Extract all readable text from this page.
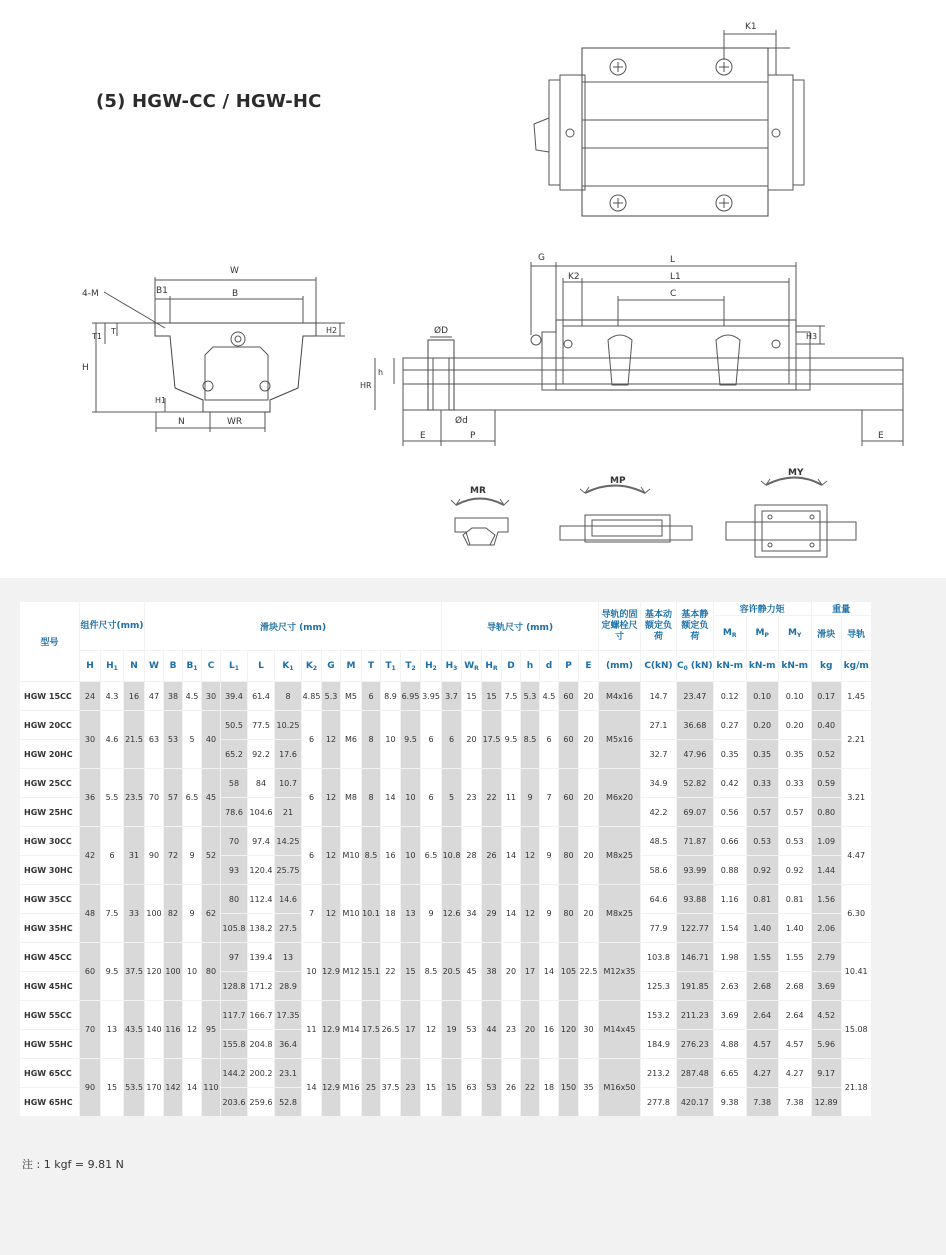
K1
W
B1	B
4-M
H
T1
T
H1
N	WR
H2	ØD
Ød
h
HR
E	P	E
G	L
K2	L1
C
H3
MR
MP
MY
(5) HGW-CC / HGW-HC
型号	组件尺寸(mm)			滑块尺寸 (mm)														导轨尺寸 (mm)								导轨的固定螺栓尺寸	基本动额定负荷	基本静额定负荷	容许静力矩			重量	
																													$M_R$	$M_P$	$M_Y$	滑块	导轨
	H	$H_1$	N	W	B	$B_1$	C	$L_1$	L	$K_1$	$K_2$	G	M	T	$T_1$	$T_2$	$H_2$	$H_3$	$W_R$	$H_R$	D	h	d	P	E	(mm)	C(kN)	$C_0$ (kN)	kN-m	kN-m	kN-m	kg	kg/m
HGW 15CC	24	4.3	16	47	38	4.5	30	39.4	61.4	8	4.85	5.3	M5	6	8.9	6.95	3.95	3.7	15	15	7.5	5.3	4.5	60	20	M4x16	14.7	23.47	0.12	0.10	0.10	0.17	1.45
HGW 20CC	30	4.6	21.5	63	53	5	40	50.5	77.5	10.25	6	12	M6	8	10	9.5	6	6	20	17.5	9.5	8.5	6	60	20	M5x16	27.1	36.68	0.27	0.20	0.20	0.40	2.21
HGW 20HC								65.2	92.2	17.6																	32.7	47.96	0.35	0.35	0.35	0.52	
HGW 25CC	36	5.5	23.5	70	57	6.5	45	58	84	10.7	6	12	M8	8	14	10	6	5	23	22	11	9	7	60	20	M6x20	34.9	52.82	0.42	0.33	0.33	0.59	3.21
HGW 25HC								78.6	104.6	21																	42.2	69.07	0.56	0.57	0.57	0.80	
HGW 30CC	42	6	31	90	72	9	52	70	97.4	14.25	6	12	M10	8.5	16	10	6.5	10.8	28	26	14	12	9	80	20	M8x25	48.5	71.87	0.66	0.53	0.53	1.09	4.47
HGW 30HC								93	120.4	25.75																	58.6	93.99	0.88	0.92	0.92	1.44	
HGW 35CC	48	7.5	33	100	82	9	62	80	112.4	14.6	7	12	M10	10.1	18	13	9	12.6	34	29	14	12	9	80	20	M8x25	64.6	93.88	1.16	0.81	0.81	1.56	6.30
HGW 35HC								105.8	138.2	27.5																	77.9	122.77	1.54	1.40	1.40	2.06	
HGW 45CC	60	9.5	37.5	120	100	10	80	97	139.4	13	10	12.9	M12	15.1	22	15	8.5	20.5	45	38	20	17	14	105	22.5	M12x35	103.8	146.71	1.98	1.55	1.55	2.79	10.41
HGW 45HC								128.8	171.2	28.9																	125.3	191.85	2.63	2.68	2.68	3.69	
HGW 55CC	70	13	43.5	140	116	12	95	117.7	166.7	17.35	11	12.9	M14	17.5	26.5	17	12	19	53	44	23	20	16	120	30	M14x45	153.2	211.23	3.69	2.64	2.64	4.52	15.08
HGW 55HC								155.8	204.8	36.4																	184.9	276.23	4.88	4.57	4.57	5.96	
HGW 65CC	90	15	53.5	170	142	14	110	144.2	200.2	23.1	14	12.9	M16	25	37.5	23	15	15	63	53	26	22	18	150	35	M16x50	213.2	287.48	6.65	4.27	4.27	9.17	21.18
HGW 65HC								203.6	259.6	52.8																	277.8	420.17	9.38	7.38	7.38	12.89	
注 : 1 kgf = 9.81 N
